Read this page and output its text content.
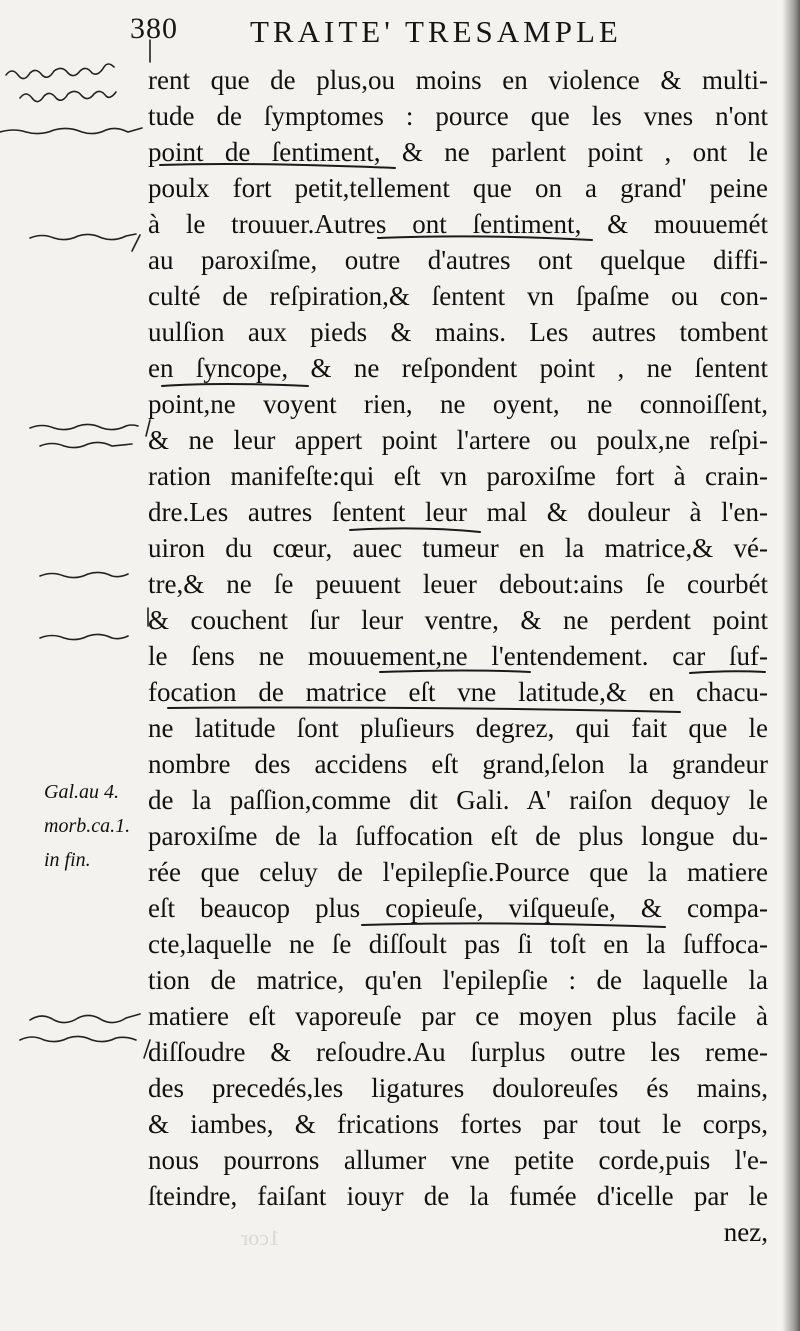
380 TRAITE' TRESAMPLE
rent que de plus,ou moins en violence & multi-
tude de ſymptomes : pource que les vnes n'ont
point de ſentiment, & ne parlent point , ont le
poulx fort petit,tellement que on a grand' peine
à le trouuer.Autres ont ſentiment, & mouuemét
au paroxiſme, outre d'autres ont quelque diffi-
culté de reſpiration,& ſentent vn ſpaſme ou con-
uulſion aux pieds & mains. Les autres tombent
en ſyncope, & ne reſpondent point , ne ſentent
point,ne voyent rien, ne oyent, ne connoiſſent,
& ne leur appert point l'artere ou poulx,ne reſpi-
ration manifeſte:qui eſt vn paroxiſme fort à crain-
dre.Les autres ſentent leur mal & douleur à l'en-
uiron du cœur, auec tumeur en la matrice,& vé-
tre,& ne ſe peuuent leuer debout:ains ſe courbét
& couchent ſur leur ventre, & ne perdent point
le ſens ne mouuement,ne l'entendement. car ſuf-
focation de matrice eſt vne latitude,& en chacu-
ne latitude ſont pluſieurs degrez, qui fait que le
nombre des accidens eſt grand,ſelon la grandeur
de la paſſion,comme dit Gali. A' raiſon dequoy le
paroxiſme de la ſuffocation eſt de plus longue du-
rée que celuy de l'epilepſie.Pource que la matiere
eſt beaucop plus copieuſe, viſqueuſe, & compa-
cte,laquelle ne ſe diſſoult pas ſi toſt en la ſuffoca-
tion de matrice, qu'en l'epilepſie : de laquelle la
matiere eſt vaporeuſe par ce moyen plus facile à
diſſoudre & reſoudre.Au ſurplus outre les reme-
des precedés,les ligatures douloreuſes és mains,
& iambes, & frications fortes par tout le corps,
nous pourrons allumer vne petite corde,puis l'e-
ſteindre, faiſant iouyr de la fumée d'icelle par le
nez,
Gal.au 4.
morb.ca.1.
in fin.
1cor
